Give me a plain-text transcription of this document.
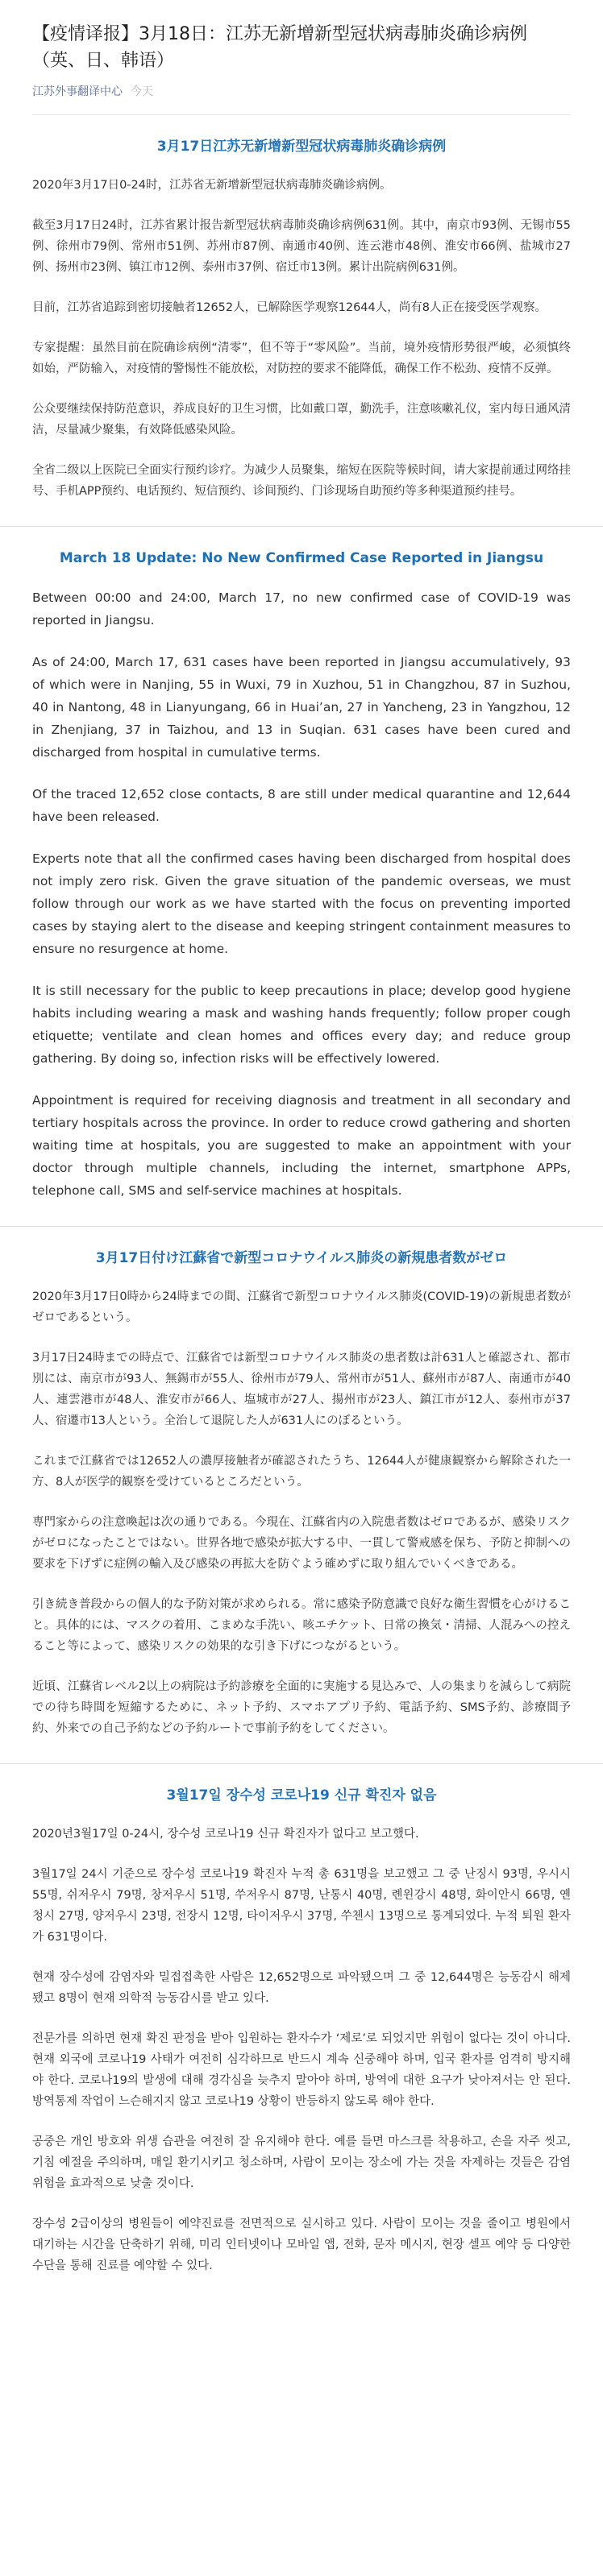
【疫情译报】3月18日：江苏无新增新型冠状病毒肺炎确诊病例（英、日、韩语）
江苏外事翻译中心 今天
3月17日江苏无新增新型冠状病毒肺炎确诊病例

2020年3月17日0-24时，江苏省无新增新型冠状病毒肺炎确诊病例。

截至3月17日24时，江苏省累计报告新型冠状病毒肺炎确诊病例631例。其中，南京市93例、无锡市55例、徐州市79例、常州市51例、苏州市87例、南通市40例、连云港市48例、淮安市66例、盐城市27例、扬州市23例、镇江市12例、泰州市37例、宿迁市13例。累计出院病例631例。

目前，江苏省追踪到密切接触者12652人，已解除医学观察12644人，尚有8人正在接受医学观察。

专家提醒：虽然目前在院确诊病例“清零”，但不等于“零风险”。当前，境外疫情形势很严峻，必须慎终如始，严防输入，对疫情的警惕性不能放松，对防控的要求不能降低，确保工作不松劲、疫情不反弹。

公众要继续保持防范意识，养成良好的卫生习惯，比如戴口罩，勤洗手，注意咳嗽礼仪，室内每日通风清洁，尽量减少聚集，有效降低感染风险。

全省二级以上医院已全面实行预约诊疗。为减少人员聚集，缩短在医院等候时间，请大家提前通过网络挂号、手机APP预约、电话预约、短信预约、诊间预约、门诊现场自助预约等多种渠道预约挂号。

March 18 Update: No New Confirmed Case Reported in Jiangsu

Between 00:00 and 24:00, March 17, no new confirmed case of COVID-19 was reported in Jiangsu.

As of 24:00, March 17, 631 cases have been reported in Jiangsu accumulatively, 93 of which were in Nanjing, 55 in Wuxi, 79 in Xuzhou, 51 in Changzhou, 87 in Suzhou, 40 in Nantong, 48 in Lianyungang, 66 in Huai’an, 27 in Yancheng, 23 in Yangzhou, 12 in Zhenjiang, 37 in Taizhou, and 13 in Suqian. 631 cases have been cured and discharged from hospital in cumulative terms.

Of the traced 12,652 close contacts, 8 are still under medical quarantine and 12,644 have been released.

Experts note that all the confirmed cases having been discharged from hospital does not imply zero risk. Given the grave situation of the pandemic overseas, we must follow through our work as we have started with the focus on preventing imported cases by staying alert to the disease and keeping stringent containment measures to ensure no resurgence at home.

It is still necessary for the public to keep precautions in place; develop good hygiene habits including wearing a mask and washing hands frequently; follow proper cough etiquette; ventilate and clean homes and offices every day; and reduce group gathering. By doing so, infection risks will be effectively lowered.

Appointment is required for receiving diagnosis and treatment in all secondary and tertiary hospitals across the province. In order to reduce crowd gathering and shorten waiting time at hospitals, you are suggested to make an appointment with your doctor through multiple channels, including the internet, smartphone APPs, telephone call, SMS and self-service machines at hospitals.

3月17日付け江蘇省で新型コロナウイルス肺炎の新規患者数がゼロ

2020年3月17日0時から24時までの間、江蘇省で新型コロナウイルス肺炎(COVID-19)の新規患者数がゼロであるという。

3月17日24時までの時点で、江蘇省では新型コロナウイルス肺炎の患者数は計631人と確認され、都市別には、南京市が93人、無錫市が55人、徐州市が79人、常州市が51人、蘇州市が87人、南通市が40人、連雲港市が48人、淮安市が66人、塩城市が27人、揚州市が23人、鎮江市が12人、泰州市が37人、宿遷市13人という。全治して退院した人が631人にのぼるという。

これまで江蘇省では12652人の濃厚接触者が確認されたうち、12644人が健康観察から解除された一方、8人が医学的観察を受けているところだという。

専門家からの注意喚起は次の通りである。今現在、江蘇省内の入院患者数はゼロであるが、感染リスクがゼロになったことではない。世界各地で感染が拡大する中、一貫して警戒感を保ち、予防と抑制への要求を下げずに症例の輸入及び感染の再拡大を防ぐよう確めずに取り組んでいくべきである。

引き続き普段からの個人的な予防対策が求められる。常に感染予防意識で良好な衛生習慣を心がけること。具体的には、マスクの着用、こまめな手洗い、咳エチケット、日常の換気・清掃、人混みへの控えること等によって、感染リスクの効果的な引き下げにつながるという。

近頃、江蘇省レベル2以上の病院は予約診療を全面的に実施する見込みで、人の集まりを減らして病院での待ち時間を短縮するために、ネット予約、スマホアプリ予約、電話予約、SMS予約、診療間予約、外来での自己予約などの予約ルートで事前予約をしてください。

3월17일 장수성 코로나19 신규 확진자 없음

2020년3월17일 0-24시, 장수성 코로나19 신규 확진자가 없다고 보고했다.

3월17일 24시 기준으로 장수성 코로나19 확진자 누적 총 631명을 보고했고 그 중 난징시 93명, 우시시 55명, 쉬저우시 79명, 창저우시 51명, 쑤저우시 87명, 난통시 40명, 롄윈강시 48명, 화이안시 66명, 옌청시 27명, 양저우시 23명, 전장시 12명, 타이저우시 37명, 쑤첸시 13명으로 통계되었다. 누적 퇴원 환자가 631명이다.

현재 장수성에 감염자와 밀접접촉한 사람은 12,652명으로 파악됐으며 그 중 12,644명은 능동감시 해제됐고 8명이 현재 의학적 능동감시를 받고 있다.

전문가를 의하면 현재 확진 판정을 받아 입원하는 환자수가 ‘제로’로 되었지만 위험이 없다는 것이 아니다. 현재 외국에 코로나19 사태가 여전히 심각하므로 반드시 계속 신중해야 하며, 입국 환자를 엄격히 방지해야 한다. 코로나19의 발생에 대해 경각심을 늦추지 말아야 하며, 방역에 대한 요구가 낮아져서는 안 된다. 방역통제 작업이 느슨해지지 않고 코로나19 상황이 반등하지 않도록 해야 한다.

공중은 개인 방호와 위생 습관을 여전히 잘 유지해야 한다. 예를 들면 마스크를 착용하고, 손을 자주 씻고, 기침 예절을 주의하며, 매일 환기시키고 청소하며, 사람이 모이는 장소에 가는 것을 자제하는 것들은 감염 위험을 효과적으로 낮출 것이다.

장수성 2급이상의 병원들이 예약진료를 전면적으로 실시하고 있다. 사람이 모이는 것을 줄이고 병원에서 대기하는 시간을 단축하기 위해, 미리 인터넷이나 모바일 앱, 전화, 문자 메시지, 현장 셀프 예약 등 다양한 수단을 통해 진료를 예약할 수 있다.
